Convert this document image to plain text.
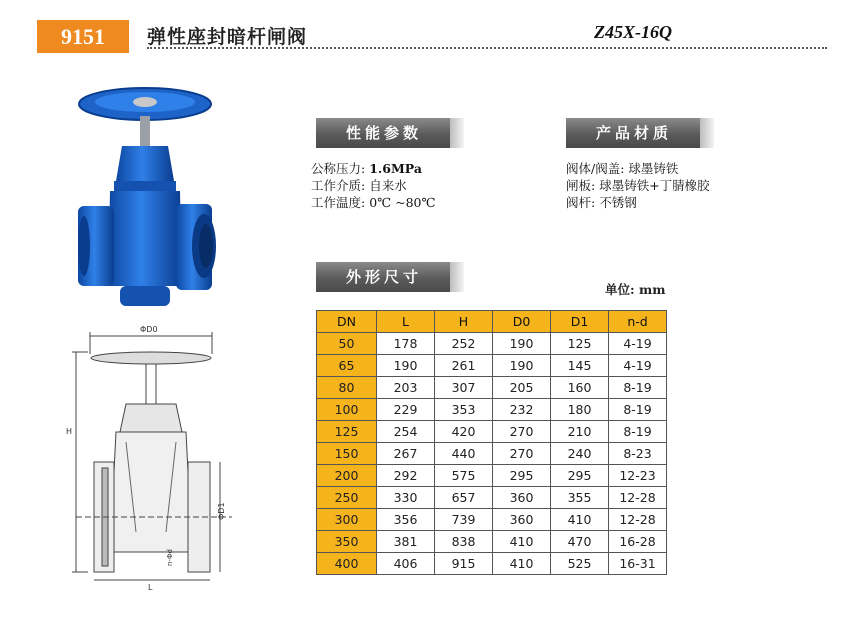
9151	弹性座封暗杆闸阀	Z45X-16Q
ΦD0
H
ΦD1
n-Φd
L
性能参数	产品材质
外形尺寸
公称压力: 1.6MPa
工作介质: 自来水
工作温度: 0℃ ~80℃
阀体/阀盖: 球墨铸铁
闸板: 球墨铸铁+丁腈橡胶
阀杆: 不锈钢
单位: mm
DN	L	H	D0	D1	n-d
50	178	252	190	125	4-19
65	190	261	190	145	4-19
80	203	307	205	160	8-19
100	229	353	232	180	8-19
125	254	420	270	210	8-19
150	267	440	270	240	8-23
200	292	575	295	295	12-23
250	330	657	360	355	12-28
300	356	739	360	410	12-28
350	381	838	410	470	16-28
400	406	915	410	525	16-31
